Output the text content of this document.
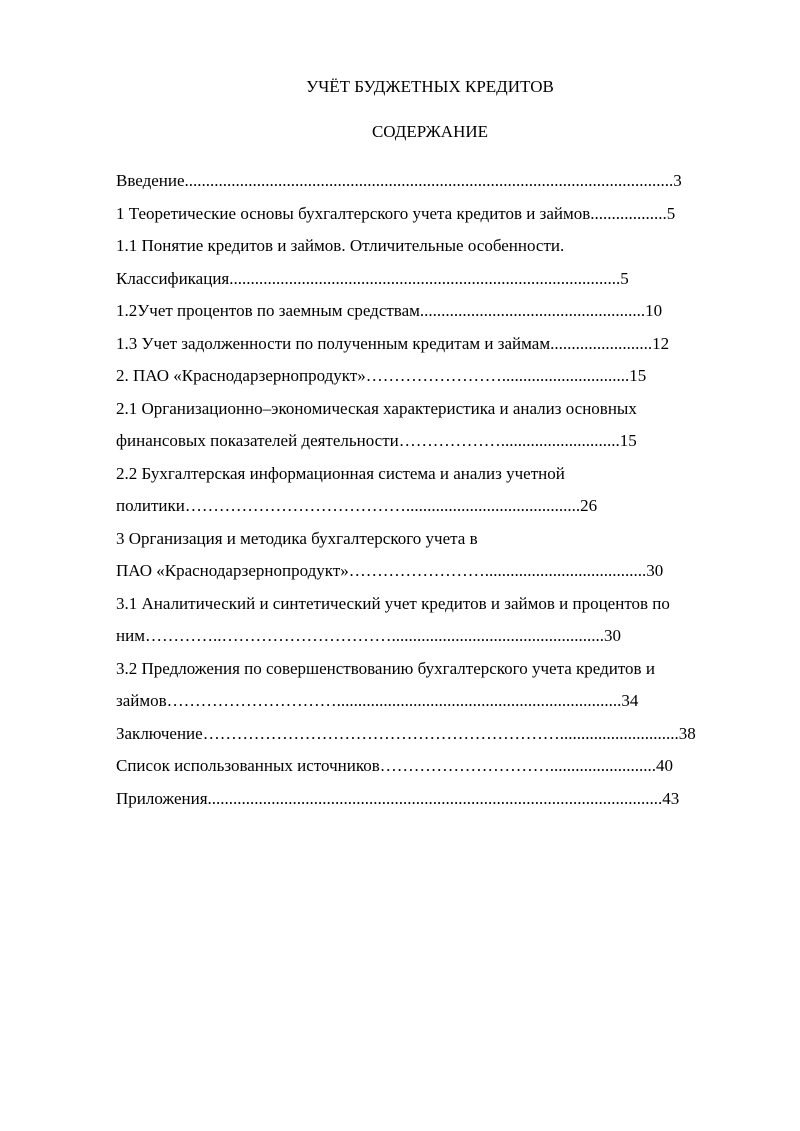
УЧЁТ БУДЖЕТНЫХ КРЕДИТОВ
СОДЕРЖАНИЕ
Введение...................................................................................................................3
1 Теоретические основы бухгалтерского учета кредитов и займов..................5
1.1 Понятие кредитов и займов. Отличительные особенности.
Классификация............................................................................................5
1.2Учет процентов по заемным средствам.....................................................10
1.3 Учет задолженности по полученным кредитам и займам........................12
2. ПАО «Краснодарзернопродукт»……………………..............................15
2.1 Организационно–экономическая характеристика и анализ основных
финансовых показателей деятельности………………............................15
2.2 Бухгалтерская информационная система и анализ учетной
политики………………………………….........................................26
3 Организация и методика бухгалтерского учета в
ПАО «Краснодарзернопродукт»……………………......................................30
3.1 Аналитический и синтетический учет кредитов и займов и процентов по
ним…………..…………………………..................................................30
3.2 Предложения по совершенствованию бухгалтерского учета кредитов и
займов…………………………...................................................................34
Заключение………………………………………………………............................38
Список использованных источников………………………….........................40
Приложения...........................................................................................................43
